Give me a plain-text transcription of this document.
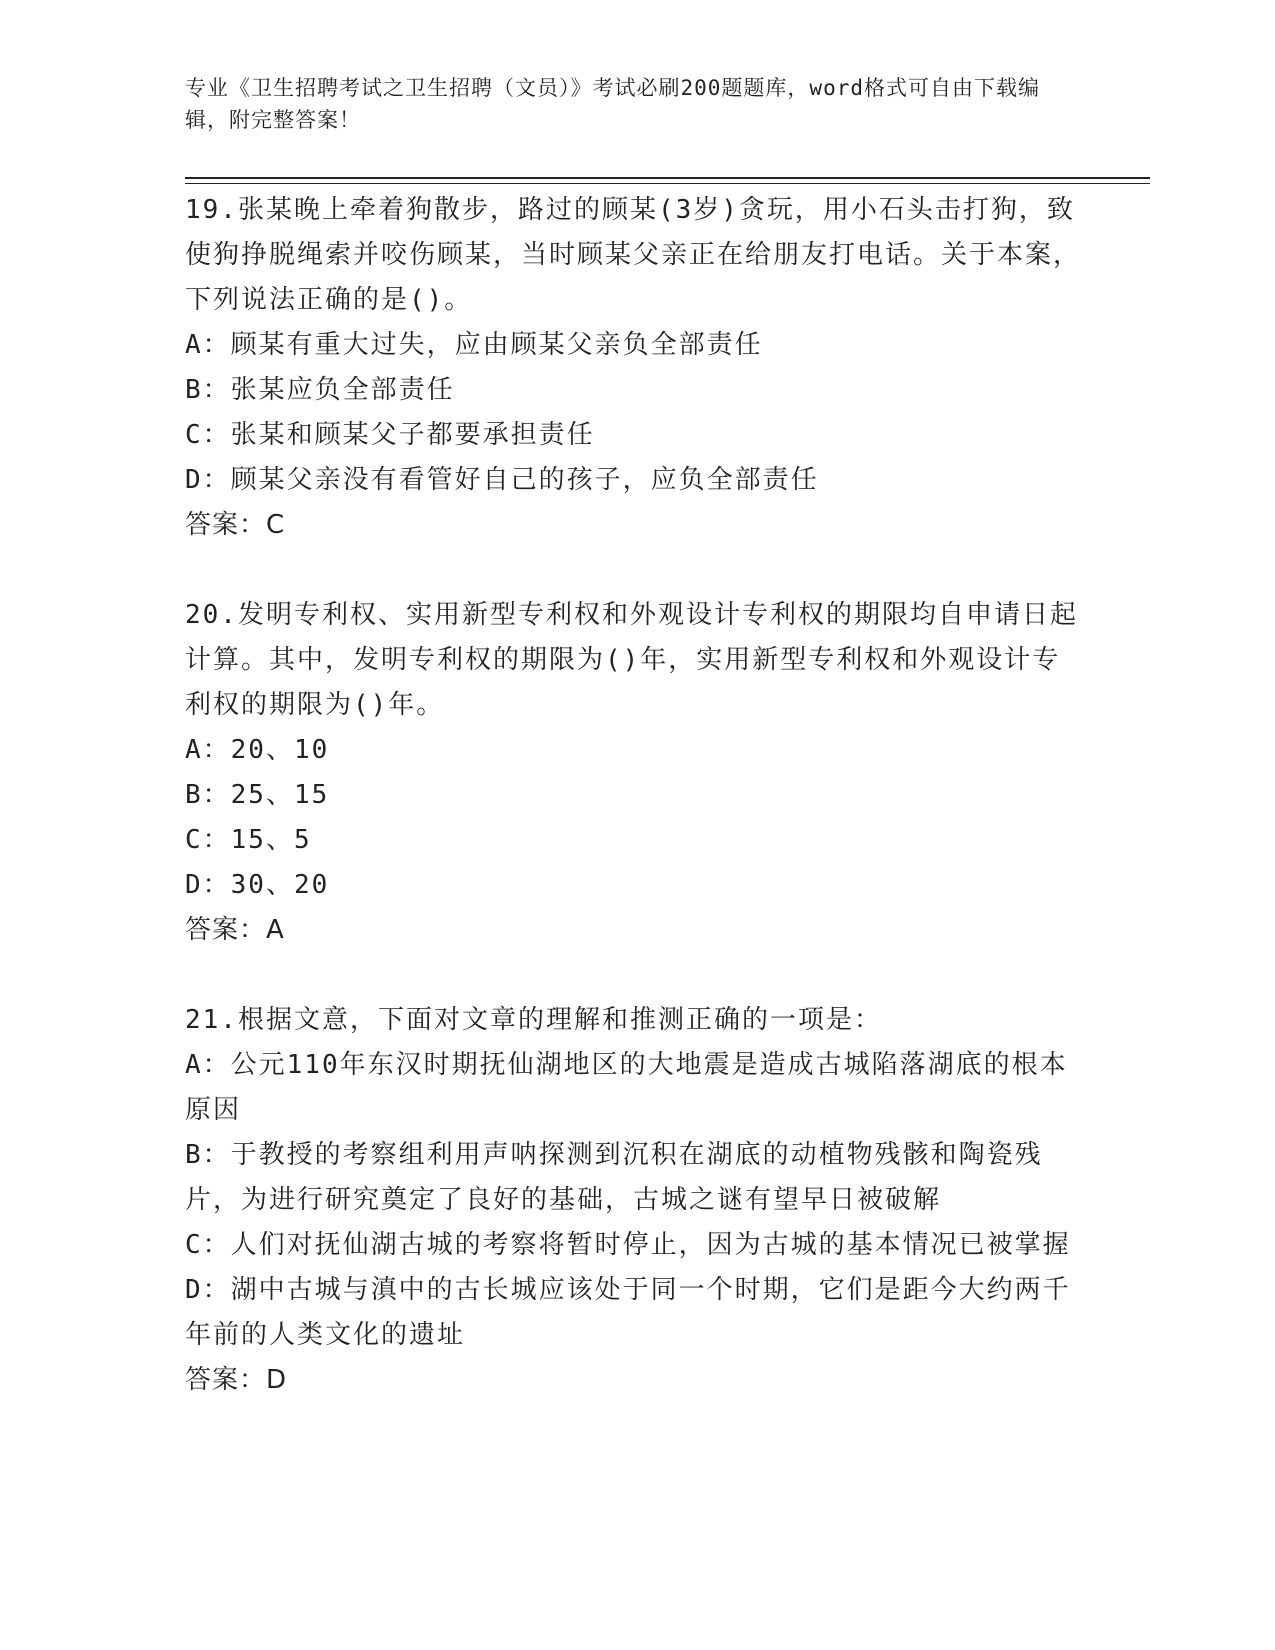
专业《卫生招聘考试之卫生招聘（文员）》考试必刷200题题库，word格式可自由下载编辑，附完整答案！

19.张某晚上牵着狗散步，路过的顾某(3岁)贪玩，用小石头击打狗，致使狗挣脱绳索并咬伤顾某，当时顾某父亲正在给朋友打电话。关于本案，下列说法正确的是()。

A：顾某有重大过失，应由顾某父亲负全部责任

B：张某应负全部责任

C：张某和顾某父子都要承担责任

D：顾某父亲没有看管好自己的孩子，应负全部责任

答案：C

20.发明专利权、实用新型专利权和外观设计专利权的期限均自申请日起计算。其中，发明专利权的期限为()年，实用新型专利权和外观设计专利权的期限为()年。

A：20、10

B：25、15

C：15、5

D：30、20

答案：A

21.根据文意，下面对文章的理解和推测正确的一项是：

A：公元110年东汉时期抚仙湖地区的大地震是造成古城陷落湖底的根本原因

B：于教授的考察组利用声呐探测到沉积在湖底的动植物残骸和陶瓷残片，为进行研究奠定了良好的基础，古城之谜有望早日被破解

C：人们对抚仙湖古城的考察将暂时停止，因为古城的基本情况已被掌握

D：湖中古城与滇中的古长城应该处于同一个时期，它们是距今大约两千年前的人类文化的遗址

答案：D
